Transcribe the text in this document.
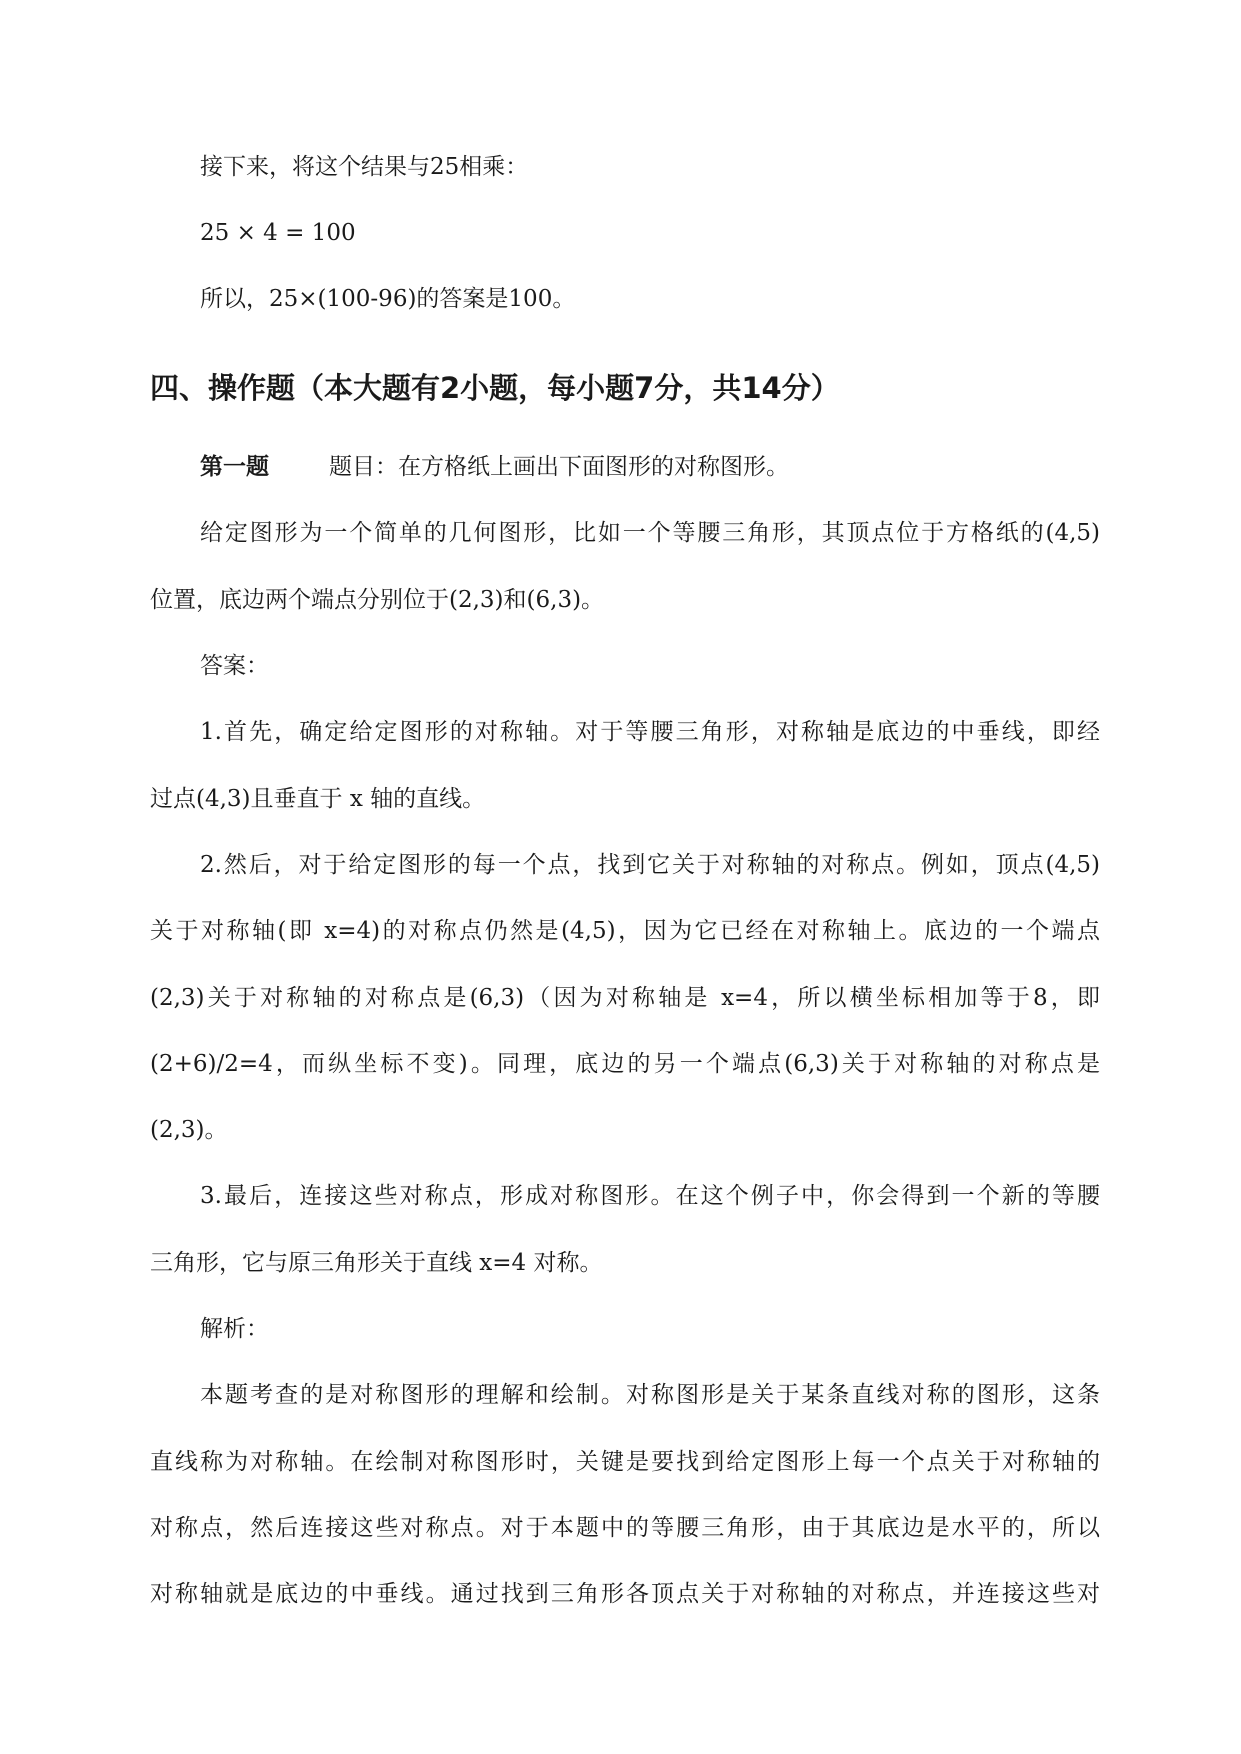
接下来，将这个结果与25相乘：
25 × 4 = 100
所以，25×(100-96)的答案是100。
四、操作题（本大题有2小题，每小题7分，共14分）
第一题	题目：在方格纸上画出下面图形的对称图形。
给定图形为一个简单的几何图形，比如一个等腰三角形，其顶点位于方格纸的(4,5)
位置，底边两个端点分别位于(2,3)和(6,3)。
答案：
1.首先，确定给定图形的对称轴。对于等腰三角形，对称轴是底边的中垂线，即经
过点(4,3)且垂直于 x 轴的直线。
2.然后，对于给定图形的每一个点，找到它关于对称轴的对称点。例如，顶点(4,5)
关于对称轴(即 x=4)的对称点仍然是(4,5)，因为它已经在对称轴上。底边的一个端点
(2,3)关于对称轴的对称点是(6,3)（因为对称轴是 x=4，所以横坐标相加等于8，即
(2+6)/2=4，而纵坐标不变)。同理，底边的另一个端点(6,3)关于对称轴的对称点是
(2,3)。
3.最后，连接这些对称点，形成对称图形。在这个例子中，你会得到一个新的等腰
三角形，它与原三角形关于直线 x=4 对称。
解析：
本题考查的是对称图形的理解和绘制。对称图形是关于某条直线对称的图形，这条
直线称为对称轴。在绘制对称图形时，关键是要找到给定图形上每一个点关于对称轴的
对称点，然后连接这些对称点。对于本题中的等腰三角形，由于其底边是水平的，所以
对称轴就是底边的中垂线。通过找到三角形各顶点关于对称轴的对称点，并连接这些对
